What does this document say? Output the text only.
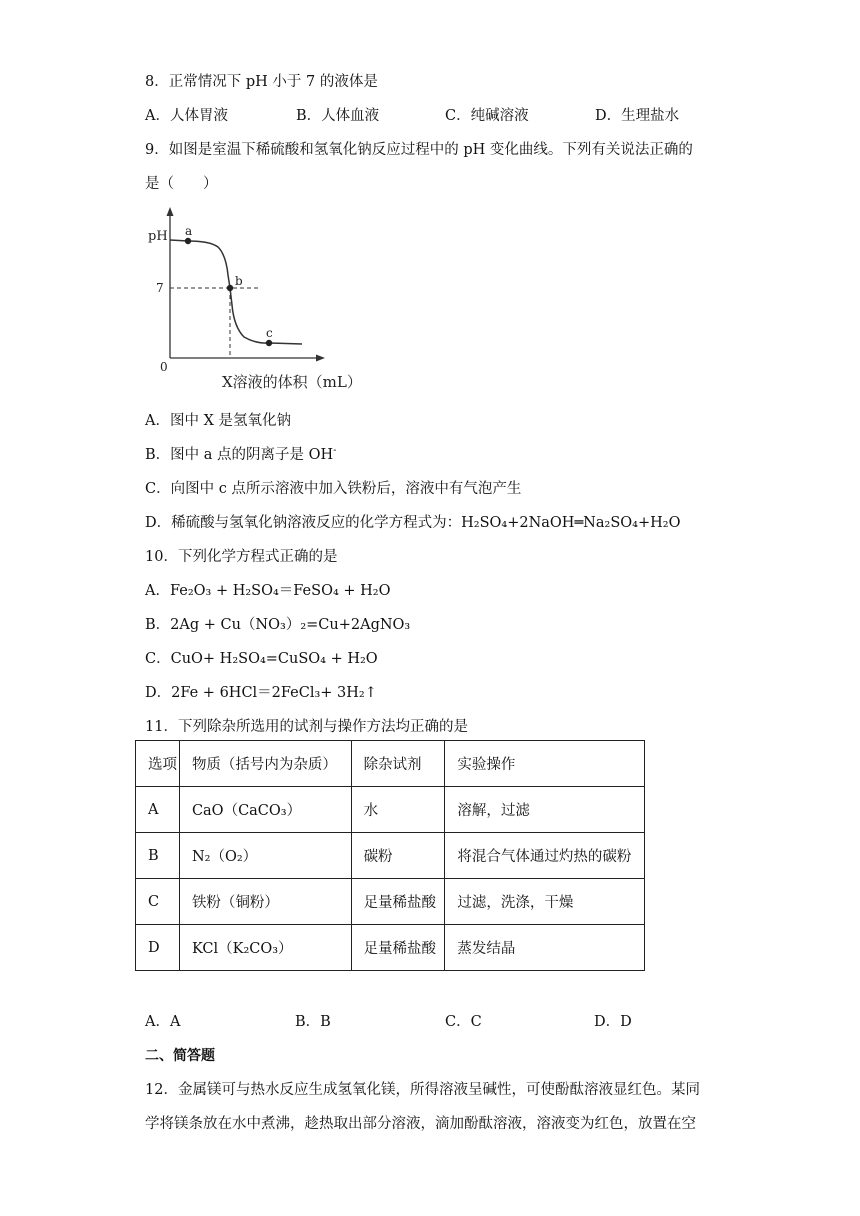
8．正常情况下 pH 小于 7 的液体是
A．人体胃液	B．人体血液	C．纯碱溶液	D．生理盐水
9．如图是室温下稀硫酸和氢氧化钠反应过程中的 pH 变化曲线。下列有关说法正确的
是（　　）
pH
7
0
a
b
c
X溶液的体积（mL）
A．图中 X 是氢氧化钠
B．图中 a 点的阴离子是 OH-
C．向图中 c 点所示溶液中加入铁粉后，溶液中有气泡产生
D．稀硫酸与氢氧化钠溶液反应的化学方程式为：H₂SO₄+2NaOH═Na₂SO₄+H₂O
10．下列化学方程式正确的是
A．Fe₂O₃ + H₂SO₄＝FeSO₄ + H₂O
B．2Ag + Cu（NO₃）₂=Cu+2AgNO₃
C．CuO+ H₂SO₄=CuSO₄ + H₂O
D．2Fe + 6HCl＝2FeCl₃+ 3H₂↑
11．下列除杂所选用的试剂与操作方法均正确的是
选项	物质（括号内为杂质）	除杂试剂	实验操作
A	CaO（CaCO₃）	水	溶解，过滤
B	N₂（O₂）	碳粉	将混合气体通过灼热的碳粉
C	铁粉（铜粉）	足量稀盐酸	过滤，洗涤，干燥
D	KCl（K₂CO₃）	足量稀盐酸	蒸发结晶
A．A	B．B	C．C	D．D
二、简答题
12．金属镁可与热水反应生成氢氧化镁，所得溶液呈碱性，可使酚酞溶液显红色。某同
学将镁条放在水中煮沸，趁热取出部分溶液，滴加酚酞溶液，溶液变为红色，放置在空
